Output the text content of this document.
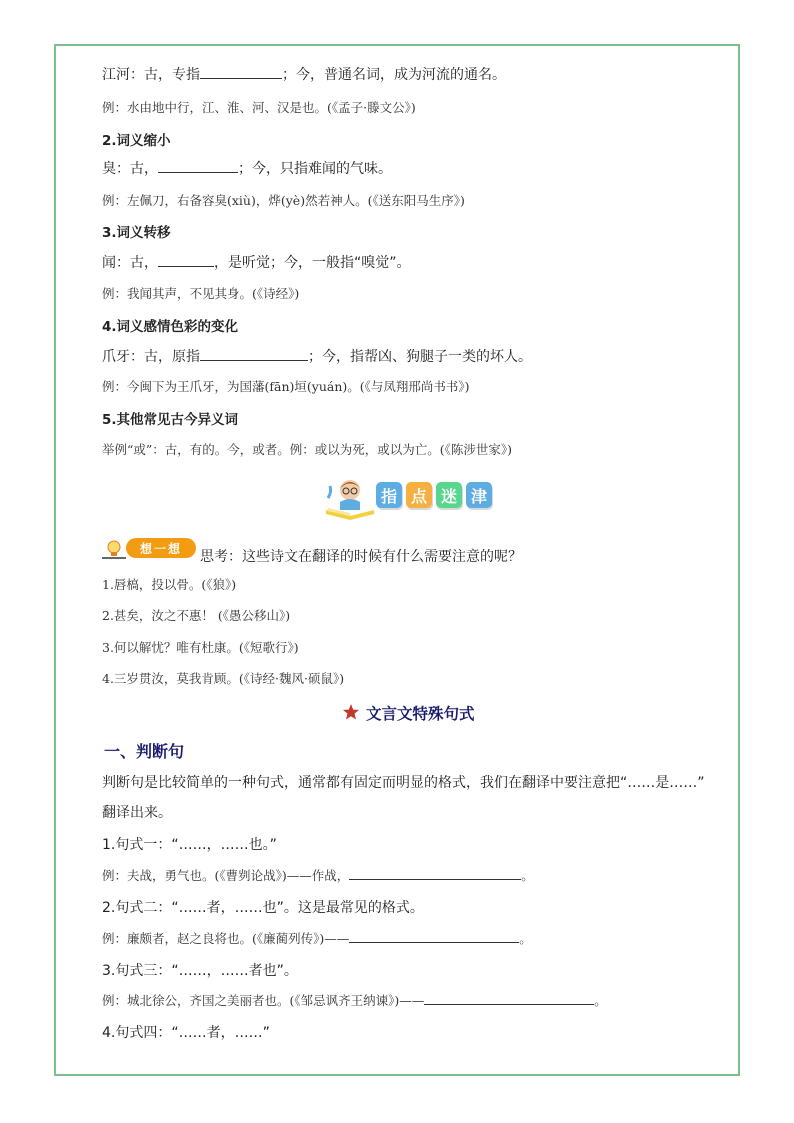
江河：古，专指	；今，普通名词，成为河流的通名。
例：水由地中行，江、淮、河、汉是也。(《孟子·滕文公》)
2.词义缩小
臭：古，	；今，只指难闻的气味。
例：左佩刀，右备容臭(xiù)，烨(yè)然若神人。(《送东阳马生序》)
3.词义转移
闻：古，	，是听觉；今，一般指“嗅觉”。
例：我闻其声，不见其身。(《诗经》)
4.词义感情色彩的变化
爪牙：古，原指	；今，指帮凶、狗腿子一类的坏人。
例：今闽下为王爪牙，为国藩(fān)垣(yuán)。(《与凤翔邢尚书书》)
5.其他常见古今异义词
举例“或”：古，有的。今，或者。例：或以为死，或以为亡。(《陈涉世家》)
指 点 迷 津
想一想
思考：这些诗文在翻译的时候有什么需要注意的呢？
1.唇槁，投以骨。(《狼》)
2.甚矣，汝之不惠！ (《愚公移山》)
3.何以解忧？唯有杜康。(《短歌行》)
4.三岁贯汝，莫我肯顾。(《诗经·魏风·硕鼠》)
文言文特殊句式
一、判断句
判断句是比较简单的一种句式，通常都有固定而明显的格式，我们在翻译中要注意把“……是……”
翻译出来。
1.句式一：“……，……也。”
例：夫战，勇气也。(《曹刿论战》)——作战，	。
2.句式二：“……者，……也”。这是最常见的格式。
例：廉颇者，赵之良将也。(《廉蔺列传》)——	。
3.句式三：“……，……者也”。
例：城北徐公，齐国之美丽者也。(《邹忌讽齐王纳谏》)——	。
4.句式四：“……者，……”
